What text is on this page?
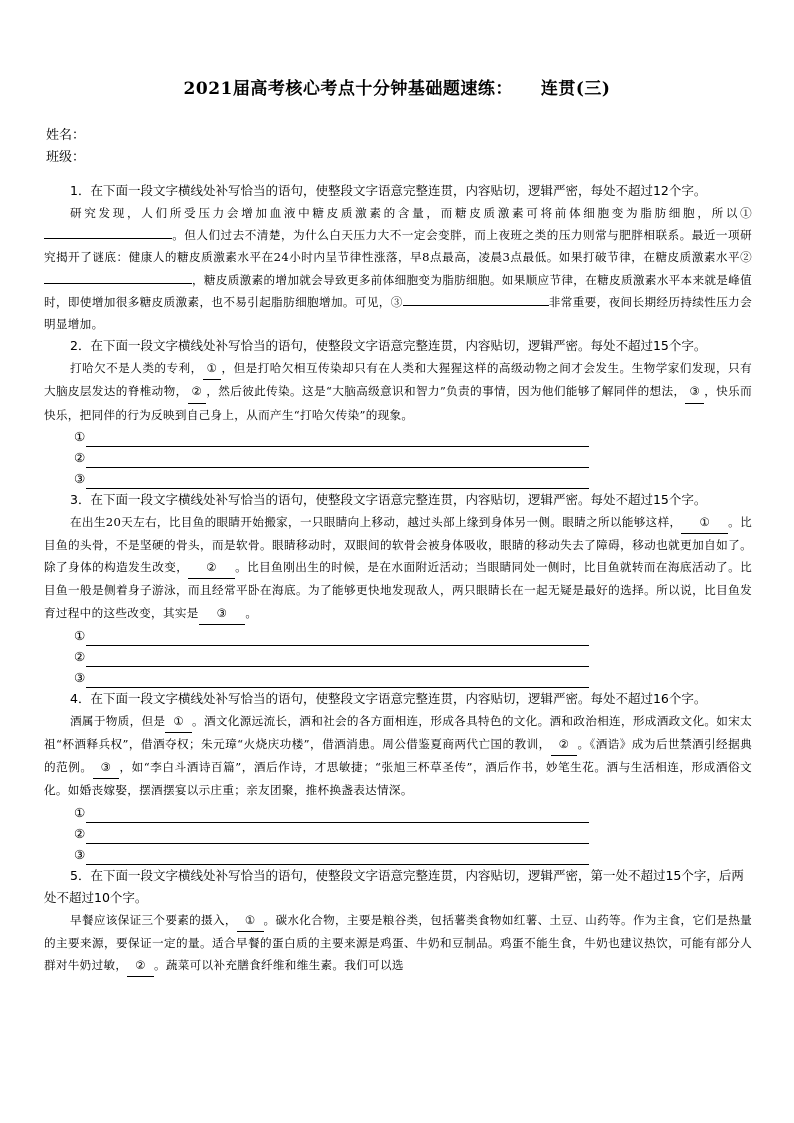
2021届高考核心考点十分钟基础题速练： 连贯(三)
姓名：
班级：

1．在下面一段文字横线处补写恰当的语句，使整段文字语意完整连贯，内容贴切，逻辑严密，每处不超过12个字。

研究发现，人们所受压力会增加血液中糖皮质激素的含量，而糖皮质激素可将前体细胞变为脂肪细胞，所以①。但人们过去不清楚，为什么白天压力大不一定会变胖，而上夜班之类的压力则常与肥胖相联系。最近一项研究揭开了谜底：健康人的糖皮质激素水平在24小时内呈节律性涨落，早8点最高，凌晨3点最低。如果打破节律，在糖皮质激素水平②，糖皮质激素的增加就会导致更多前体细胞变为脂肪细胞。如果顺应节律，在糖皮质激素水平本来就是峰值时，即使增加很多糖皮质激素，也不易引起脂肪细胞增加。可见，③	非常重要，夜间长期经历持续性压力会明显增加。

2．在下面一段文字横线处补写恰当的语句，使整段文字语意完整连贯，内容贴切，逻辑严密。每处不超过15个字。

打哈欠不是人类的专利， ① ，但是打哈欠相互传染却只有在人类和大猩猩这样的高级动物之间才会发生。生物学家们发现，只有大脑皮层发达的脊椎动物， ② ，然后彼此传染。这是“大脑高级意识和智力”负责的事情，因为他们能够了解同伴的想法， ③ ，快乐而快乐，把同伴的行为反映到自己身上，从而产生“打哈欠传染”的现象。

①
②
③

3．在下面一段文字横线处补写恰当的语句，使整段文字语意完整连贯，内容贴切，逻辑严密。每处不超过15个字。

在出生20天左右，比目鱼的眼睛开始搬家，一只眼睛向上移动，越过头部上缘到身体另一侧。眼睛之所以能够这样， ① 。比目鱼的头骨，不是坚硬的骨头，而是软骨。眼睛移动时，双眼间的软骨会被身体吸收，眼睛的移动失去了障碍，移动也就更加自如了。除了身体的构造发生改变， ② 。比目鱼刚出生的时候，是在水面附近活动；当眼睛同处一侧时，比目鱼就转而在海底活动了。比目鱼一般是侧着身子游泳，而且经常平卧在海底。为了能够更快地发现敌人，两只眼睛长在一起无疑是最好的选择。所以说，比目鱼发育过程中的这些改变，其实是 ③ 。

①
②
③

4．在下面一段文字横线处补写恰当的语句，使整段文字语意完整连贯，内容贴切，逻辑严密。每处不超过16个字。

酒属于物质，但是 ① 。酒文化源远流长，酒和社会的各方面相连，形成各具特色的文化。酒和政治相连，形成酒政文化。如宋太祖“杯酒释兵权”，借酒夺权；朱元璋“火烧庆功楼”，借酒消患。周公借鉴夏商两代亡国的教训， ② 。《酒诰》成为后世禁酒引经据典的范例。 ③ ，如“李白斗酒诗百篇”，酒后作诗，才思敏捷；“张旭三杯草圣传”，酒后作书，妙笔生花。酒与生活相连，形成酒俗文化。如婚丧嫁娶，摆酒摆宴以示庄重；亲友团聚，推杯换盏表达情深。

①
②
③

5．在下面一段文字横线处补写恰当的语句，使整段文字语意完整连贯，内容贴切，逻辑严密，第一处不超过15个字，后两处不超过10个字。

早餐应该保证三个要素的摄入， ① 。碳水化合物，主要是粮谷类，包括薯类食物如红薯、土豆、山药等。作为主食，它们是热量的主要来源，要保证一定的量。适合早餐的蛋白质的主要来源是鸡蛋、牛奶和豆制品。鸡蛋不能生食，牛奶也建议热饮，可能有部分人群对牛奶过敏， ② 。蔬菜可以补充膳食纤维和维生素。我们可以选
